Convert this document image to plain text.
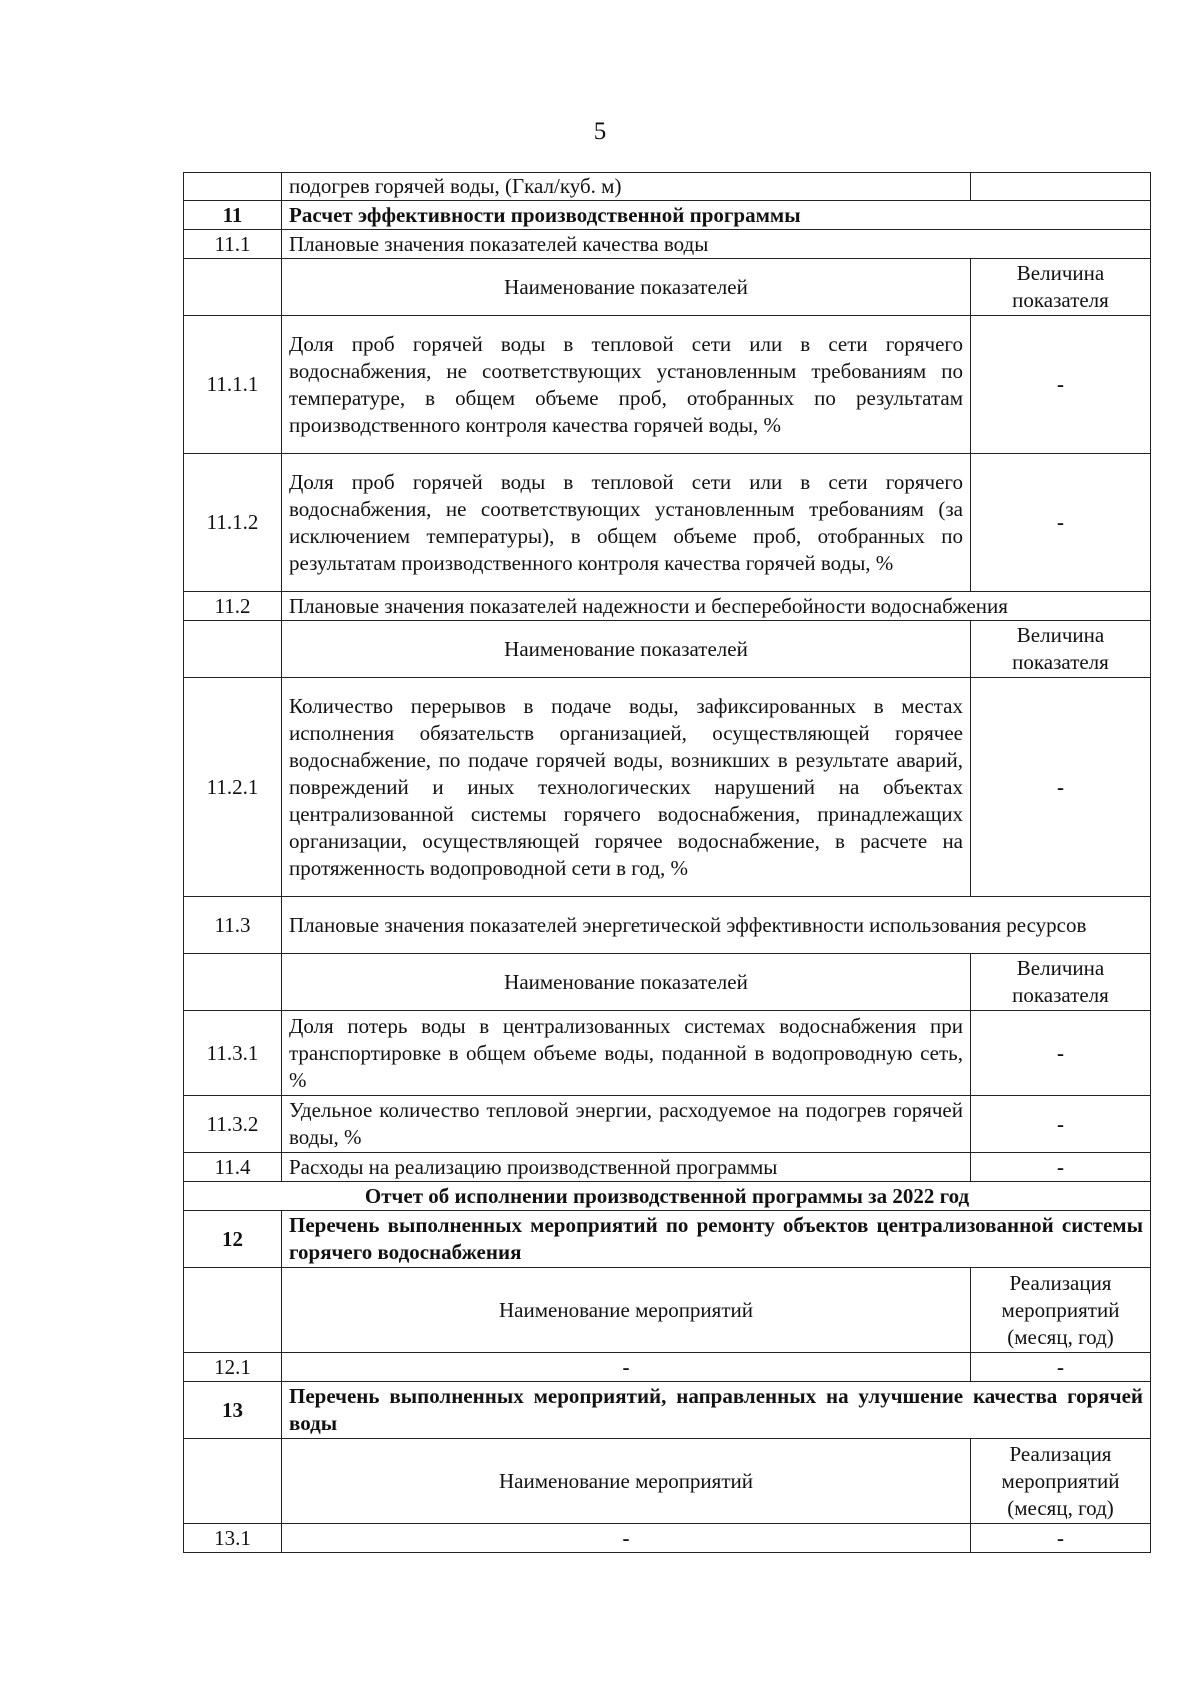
5
	подогрев горячей воды, (Гкал/куб. м)	
11	Расчет эффективности производственной программы	
11.1	Плановые значения показателей качества воды	
	Наименование показателей	Величина показателя
11.1.1	Доля проб горячей воды в тепловой сети или в сети горячего водоснабжения, не соответствующих установленным требованиям по температуре, в общем объеме проб, отобранных по результатам производственного контроля качества горячей воды, %	-
11.1.2	Доля проб горячей воды в тепловой сети или в сети горячего водоснабжения, не соответствующих установленным требованиям (за исключением температуры), в общем объеме проб, отобранных по результатам производственного контроля качества горячей воды, %	-
11.2	Плановые значения показателей надежности и бесперебойности водоснабжения	
	Наименование показателей	Величина показателя
11.2.1	Количество перерывов в подаче воды, зафиксированных в местах исполнения обязательств организацией, осуществляющей горячее водоснабжение, по подаче горячей воды, возникших в результате аварий, повреждений и иных технологических нарушений на объектах централизованной системы горячего водоснабжения, принадлежащих организации, осуществляющей горячее водоснабжение, в расчете на протяженность водопроводной сети в год, %	-
11.3	Плановые значения показателей энергетической эффективности использования ресурсов	
	Наименование показателей	Величина показателя
11.3.1	Доля потерь воды в централизованных системах водоснабжения при транспортировке в общем объеме воды, поданной в водопроводную сеть, %	-
11.3.2	Удельное количество тепловой энергии, расходуемое на подогрев горячей воды, %	-
11.4	Расходы на реализацию производственной программы	-
Отчет об исполнении производственной программы за 2022 год		
12	Перечень выполненных мероприятий по ремонту объектов централизованной системы горячего водоснабжения	
	Наименование мероприятий	Реализация мероприятий (месяц, год)
12.1	-	-
13	Перечень выполненных мероприятий, направленных на улучшение качества горячей воды	
	Наименование мероприятий	Реализация мероприятий (месяц, год)
13.1	-	-
